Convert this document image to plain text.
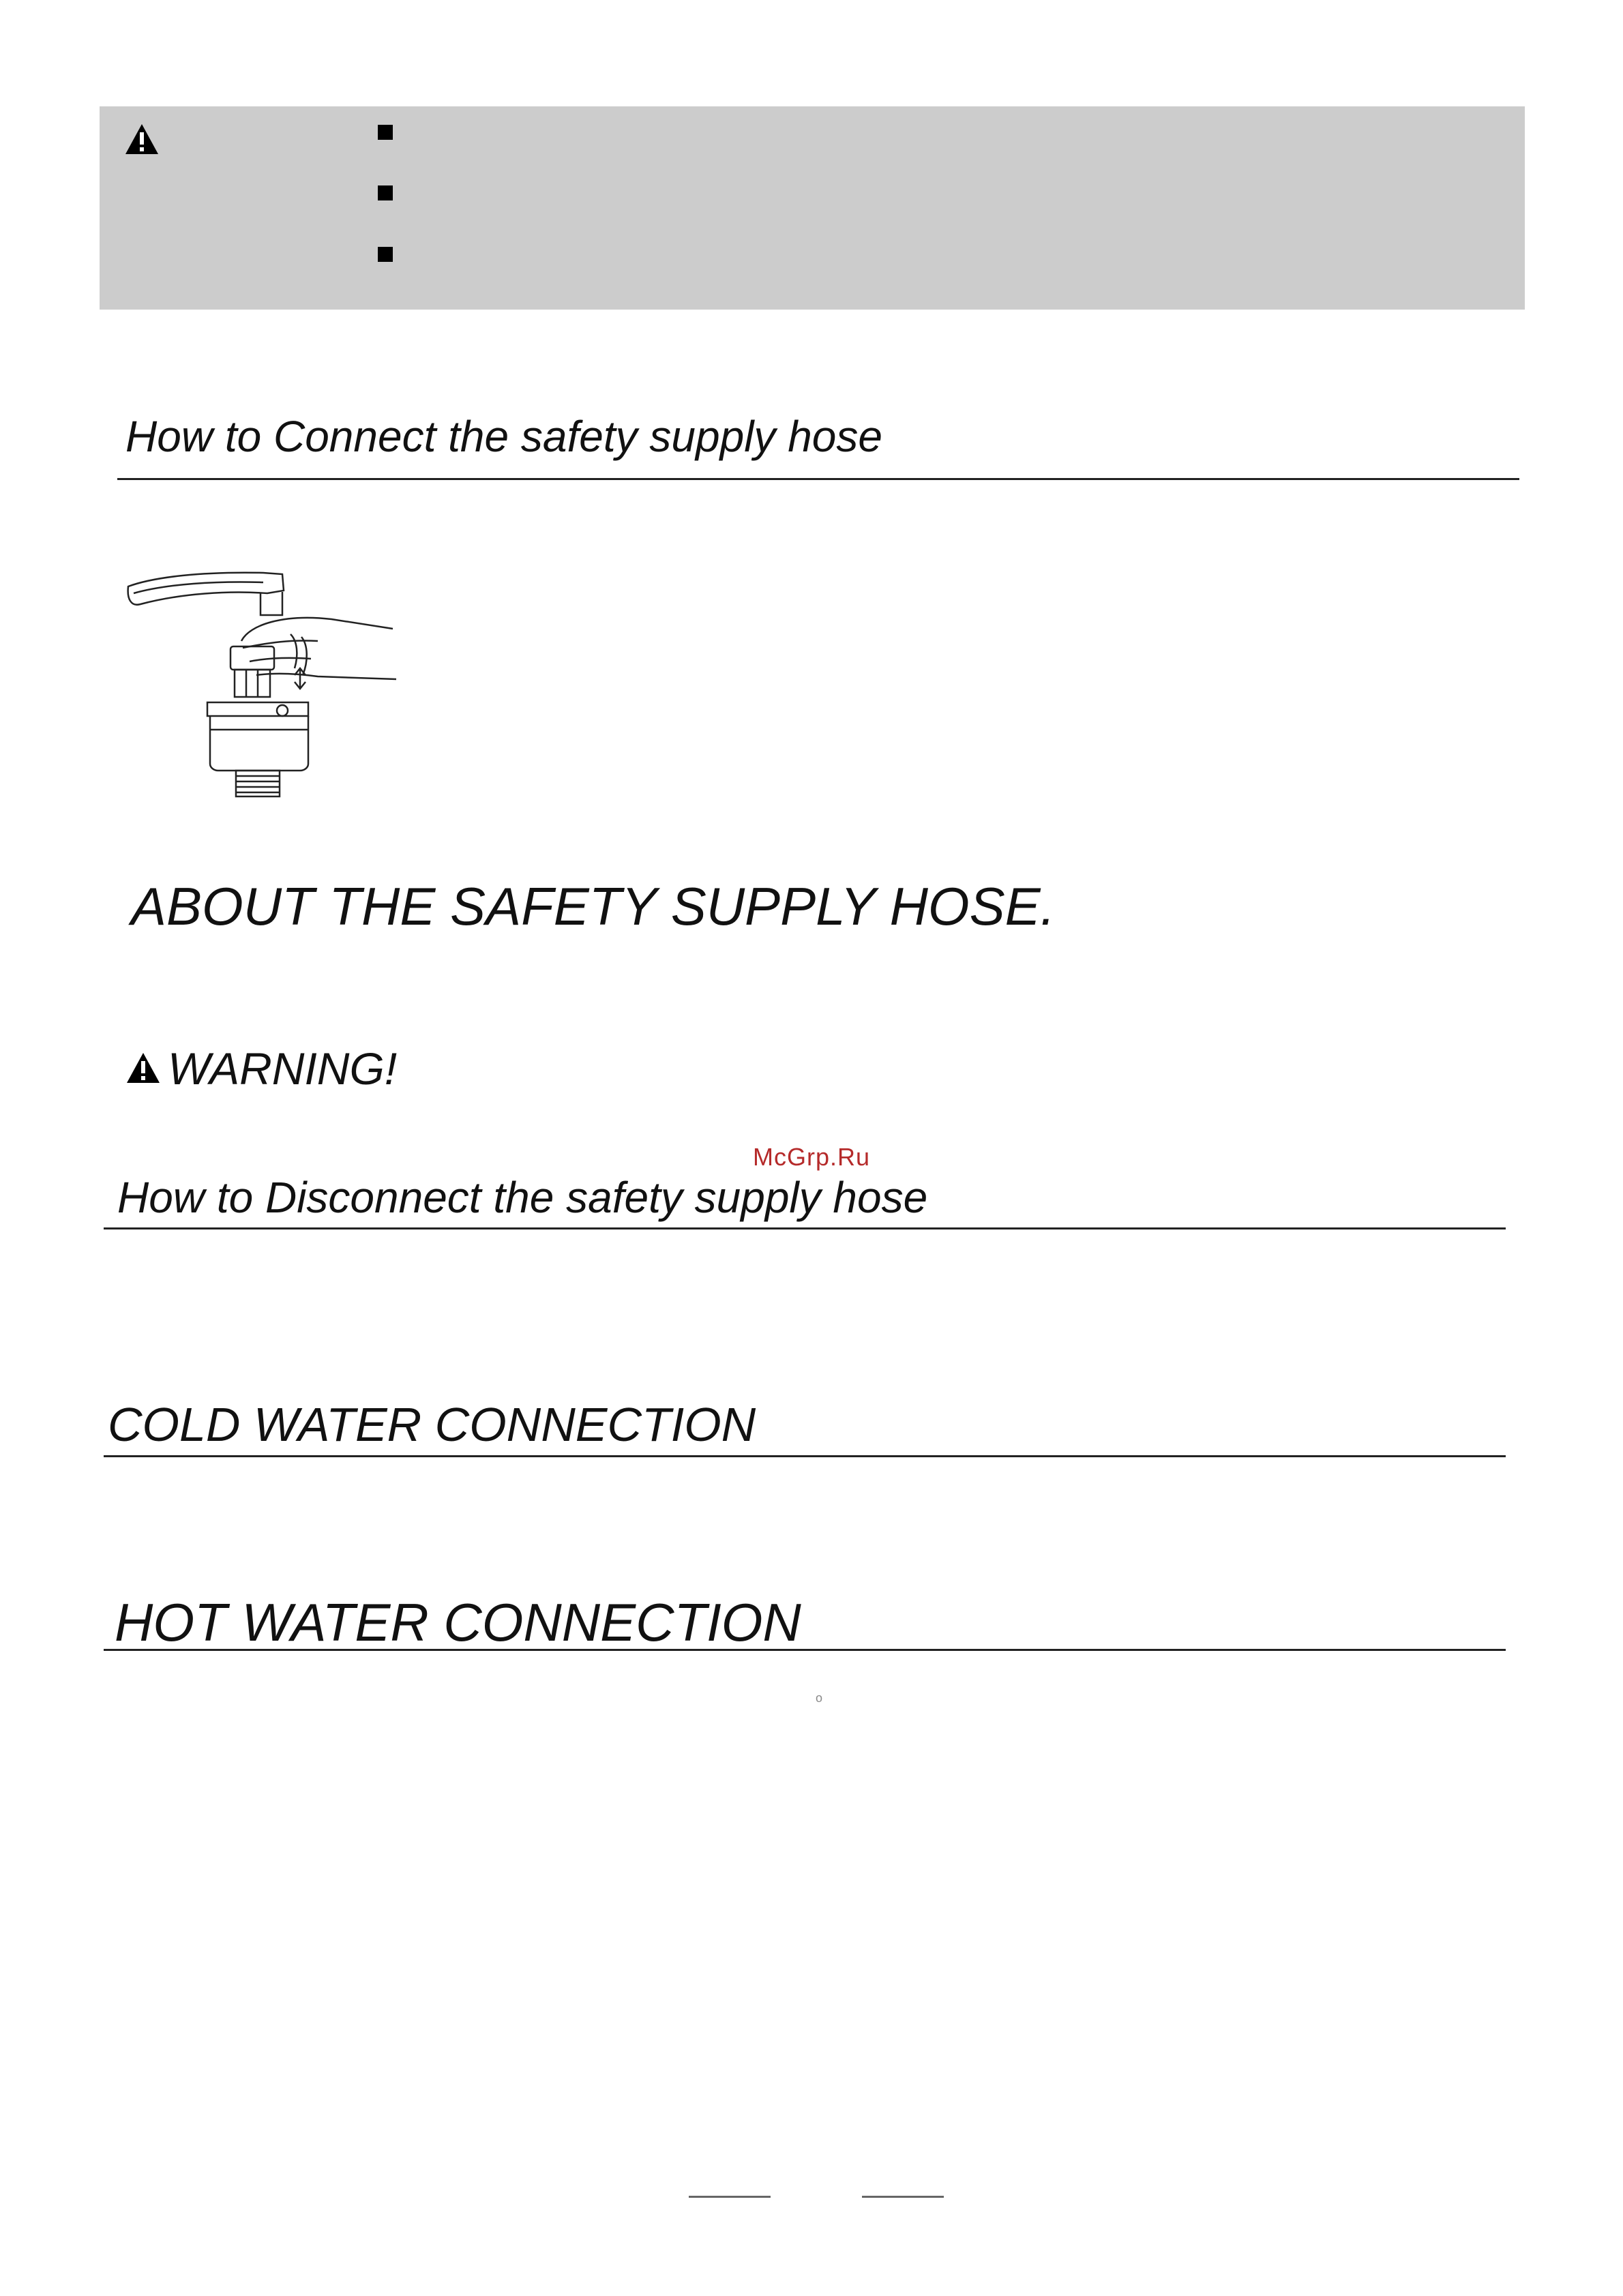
How to Connect the safety supply hose
ABOUT THE SAFETY SUPPLY HOSE.
WARNING!
McGrp.Ru
How to Disconnect the safety supply hose
COLD WATER CONNECTION
HOT WATER CONNECTION
o
